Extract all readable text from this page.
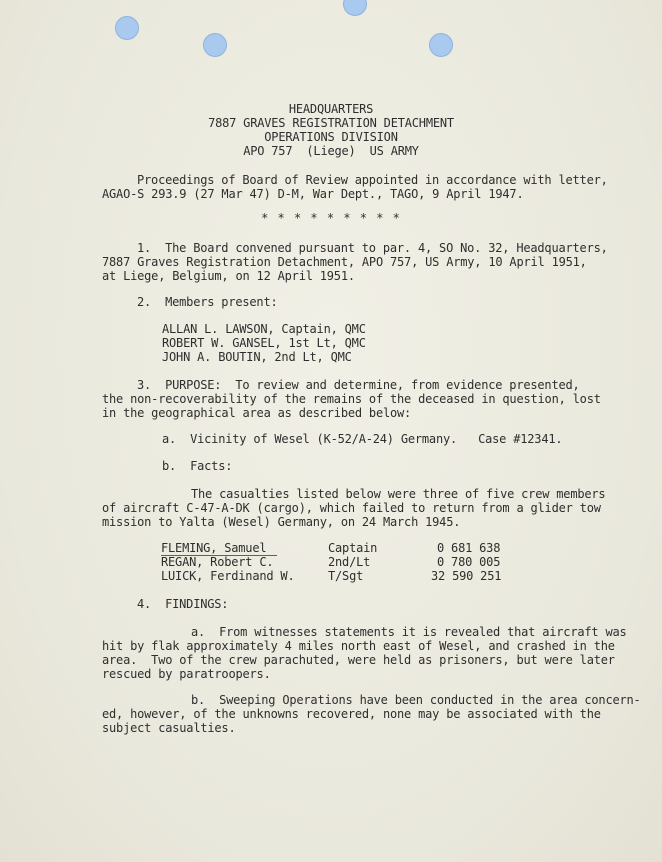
HEADQUARTERS
7887 GRAVES REGISTRATION DETACHMENT
OPERATIONS DIVISION
APO 757  (Liege)  US ARMY
Proceedings of Board of Review appointed in accordance with letter,
AGAO-S 293.9 (27 Mar 47) D-M, War Dept., TAGO, 9 April 1947.
* * * * * * * * *
1.  The Board convened pursuant to par. 4, SO No. 32, Headquarters,
7887 Graves Registration Detachment, APO 757, US Army, 10 April 1951,
at Liege, Belgium, on 12 April 1951.
2.  Members present:
ALLAN L. LAWSON, Captain, QMC
ROBERT W. GANSEL, 1st Lt, QMC
JOHN A. BOUTIN, 2nd Lt, QMC
3.  PURPOSE:  To review and determine, from evidence presented,
the non-recoverability of the remains of the deceased in question, lost
in the geographical area as described below:
a.  Vicinity of Wesel (K-52/A-24) Germany.   Case #12341.
b.  Facts:
The casualties listed below were three of five crew members
of aircraft C-47-A-DK (cargo), which failed to return from a glider tow
mission to Yalta (Wesel) Germany, on 24 March 1945.
FLEMING, Samuel	Captain	0 681 638
REGAN, Robert C.	2nd/Lt	0 780 005
LUICK, Ferdinand W.	T/Sgt	32 590 251
4.  FINDINGS:
a.  From witnesses statements it is revealed that aircraft was
hit by flak approximately 4 miles north east of Wesel, and crashed in the
area.  Two of the crew parachuted, were held as prisoners, but were later
rescued by paratroopers.
b.  Sweeping Operations have been conducted in the area concern-
ed, however, of the unknowns recovered, none may be associated with the
subject casualties.
